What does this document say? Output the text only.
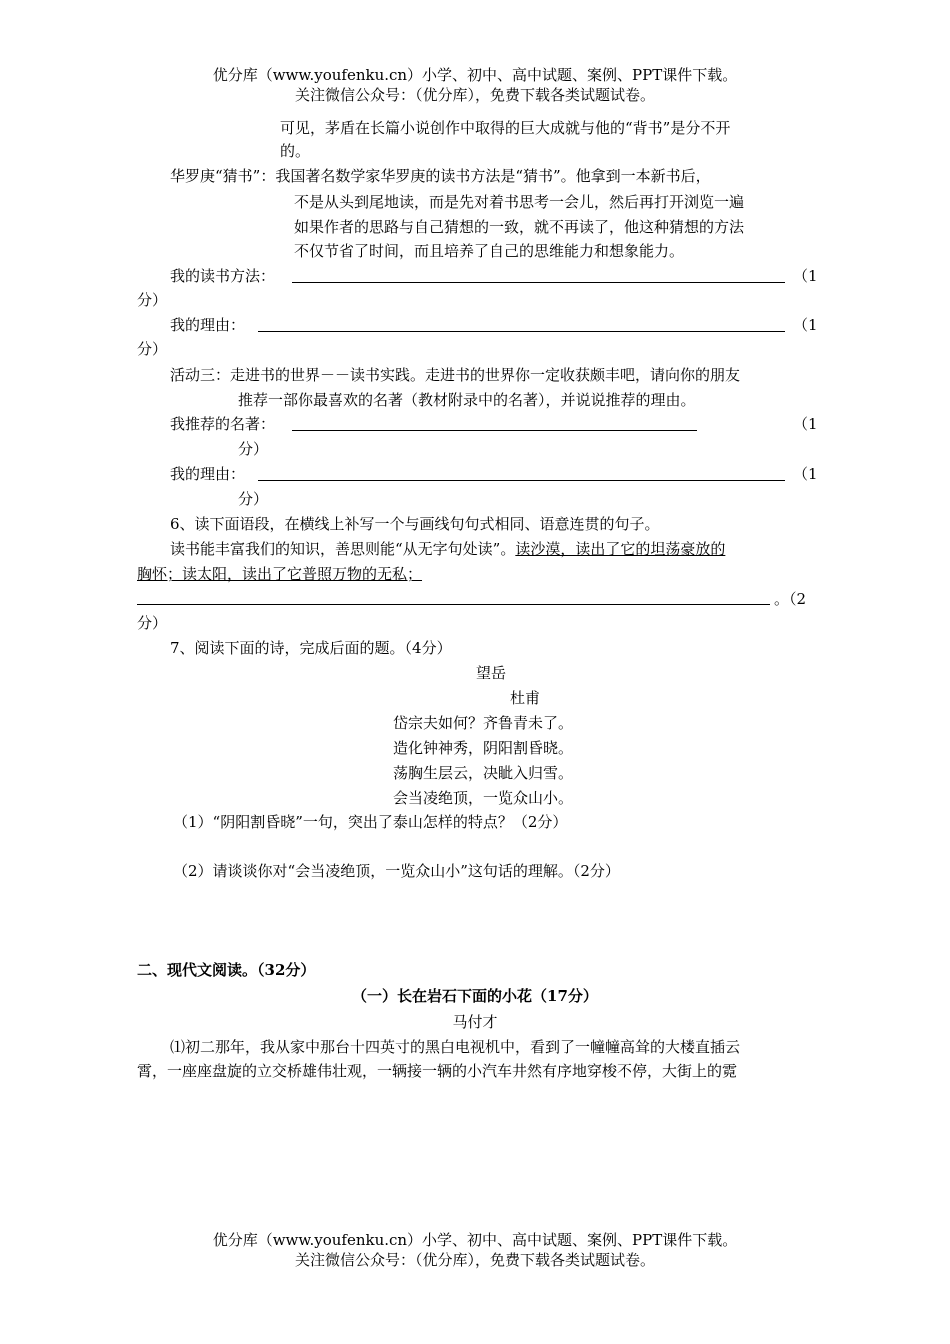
优分库（www.youfenku.cn）小学、初中、高中试题、案例、PPT课件下载。
关注微信公众号：（优分库），免费下载各类试题试卷。
可见，茅盾在长篇小说创作中取得的巨大成就与他的“背书”是分不开
的。
华罗庚“猜书”：我国著名数学家华罗庚的读书方法是“猜书”。他拿到一本新书后，
不是从头到尾地读，而是先对着书思考一会儿，然后再打开浏览一遍
如果作者的思路与自己猜想的一致，就不再读了，他这种猜想的方法
不仅节省了时间，而且培养了自己的思维能力和想象能力。
我的读书方法：	（1
分）
我的理由：	（1
分）
活动三：走进书的世界－－读书实践。走进书的世界你一定收获颇丰吧，请向你的朋友
推荐一部你最喜欢的名著（教材附录中的名著），并说说推荐的理由。
我推荐的名著：	（1
分）
我的理由：	（1
分）
6、读下面语段，在横线上补写一个与画线句句式相同、语意连贯的句子。
读书能丰富我们的知识，善思则能“从无字句处读”。读沙漠，读出了它的坦荡豪放的
胸怀；读太阳，读出了它普照万物的无私；
。（2
分）
7、阅读下面的诗，完成后面的题。（4分）
望岳
杜甫
岱宗夫如何？齐鲁青未了。
造化钟神秀，阴阳割昏晓。
荡胸生层云，决眦入归雪。
会当凌绝顶，一览众山小。
（1）“阴阳割昏晓”一句，突出了泰山怎样的特点？（2分）
（2）请谈谈你对“会当凌绝顶，一览众山小”这句话的理解。（2分）
二、现代文阅读。（32分）
（一）长在岩石下面的小花（17分）
马付才
⑴初二那年，我从家中那台十四英寸的黑白电视机中，看到了一幢幢高耸的大楼直插云
霄，一座座盘旋的立交桥雄伟壮观，一辆接一辆的小汽车井然有序地穿梭不停，大街上的霓
优分库（www.youfenku.cn）小学、初中、高中试题、案例、PPT课件下载。
关注微信公众号：（优分库），免费下载各类试题试卷。
